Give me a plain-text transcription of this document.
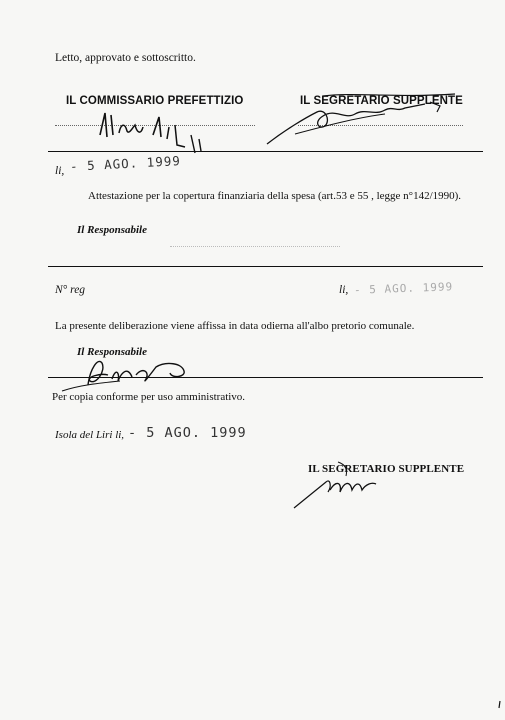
Letto, approvato e sottoscritto.
IL COMMISSARIO PREFETTIZIO	IL SEGRETARIO SUPPLENTE
li, - 5 AGO. 1999
Attestazione per la copertura finanziaria della spesa (art.53 e 55 , legge n°142/1990).
Il Responsabile
N° reg	li, - 5 AGO. 1999
La presente deliberazione viene affissa in data odierna all'albo pretorio comunale.
Il Responsabile
Per copia conforme per uso amministrativo.
Isola del Liri li, - 5 AGO. 1999
IL SEGRETARIO SUPPLENTE
